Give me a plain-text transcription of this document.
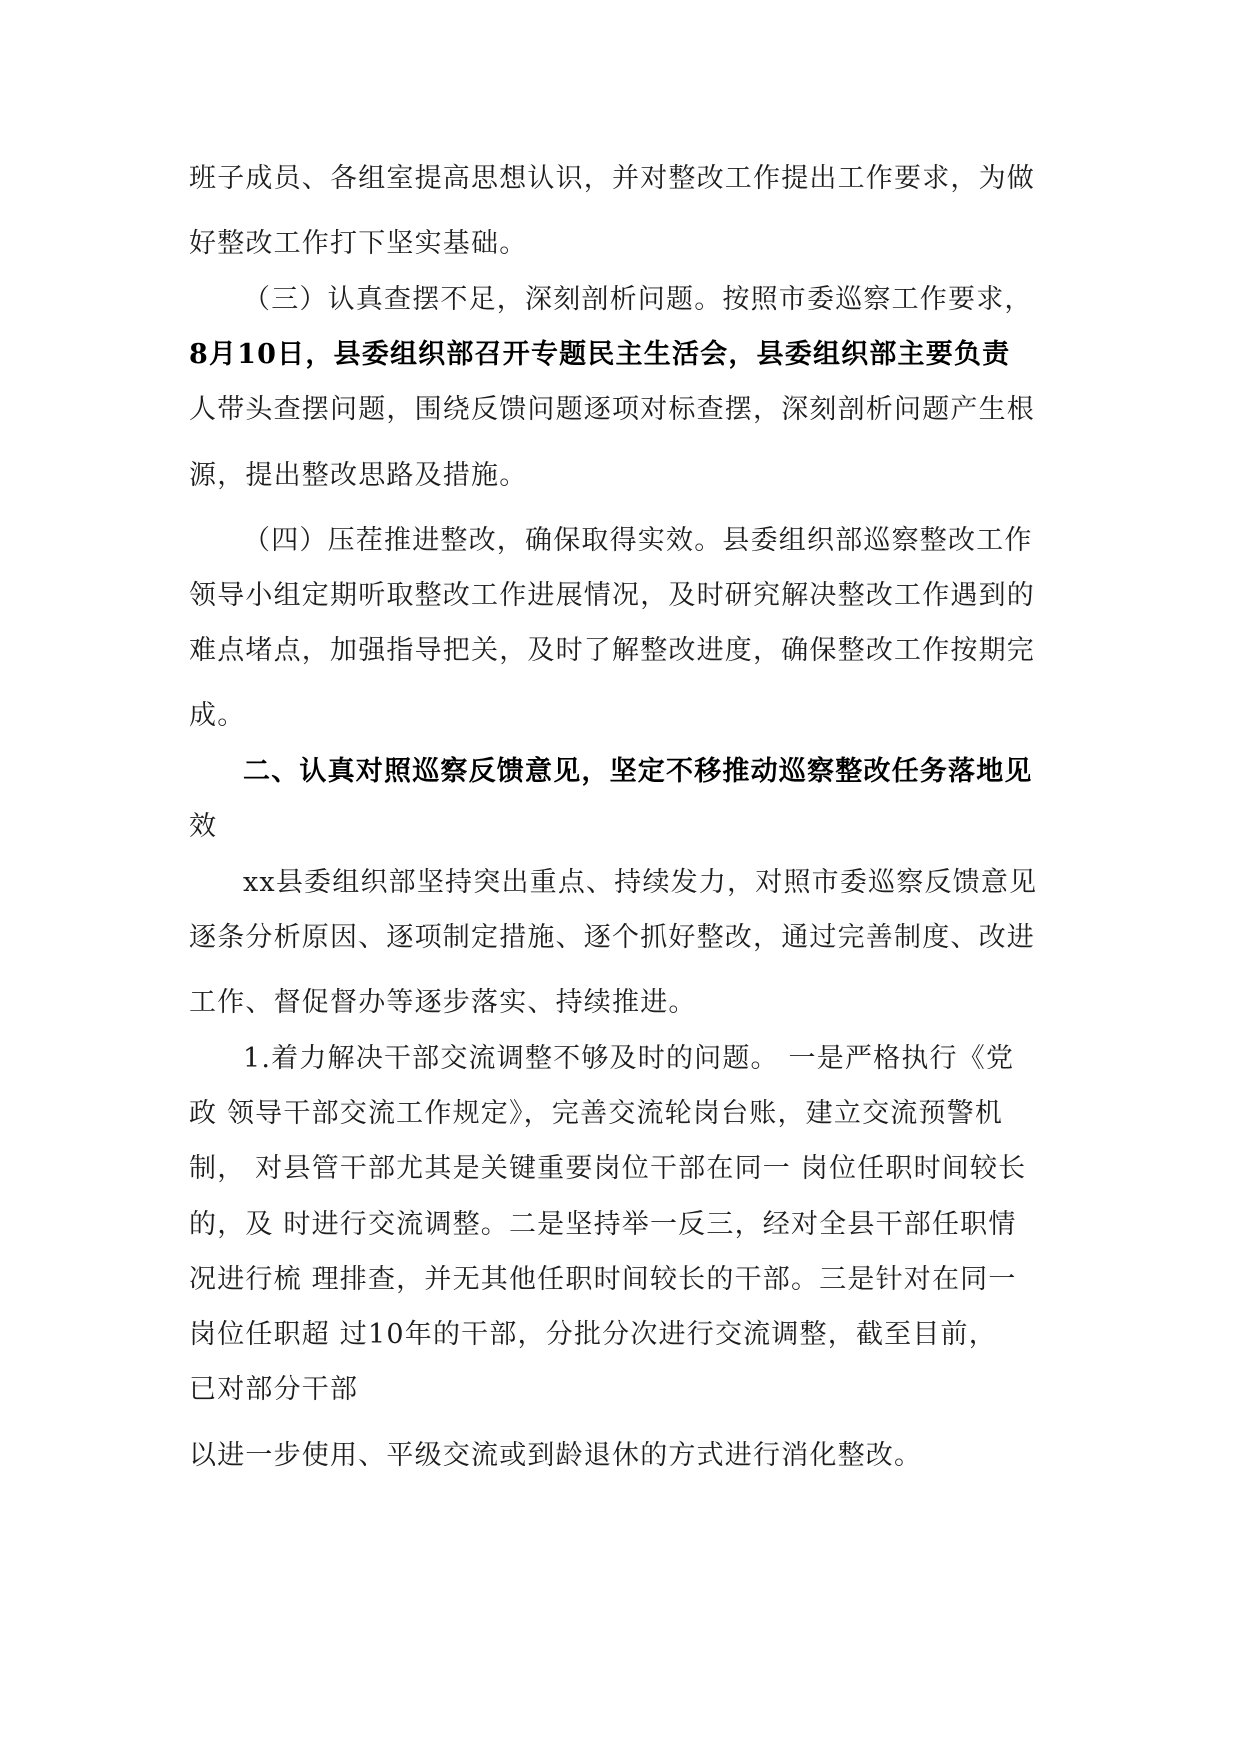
班子成员、各组室提高思想认识，并对整改工作提出工作要求，为做
好整改工作打下坚实基础。
（三）认真查摆不足，深刻剖析问题。按照市委巡察工作要求，
8月10日，县委组织部召开专题民主生活会，县委组织部主要负责
人带头查摆问题，围绕反馈问题逐项对标查摆，深刻剖析问题产生根
源，提出整改思路及措施。
（四）压茬推进整改，确保取得实效。县委组织部巡察整改工作
领导小组定期听取整改工作进展情况，及时研究解决整改工作遇到的
难点堵点，加强指导把关，及时了解整改进度，确保整改工作按期完
成。
二、认真对照巡察反馈意见，坚定不移推动巡察整改任务落地见
效
xx县委组织部坚持突出重点、持续发力，对照市委巡察反馈意见
逐条分析原因、逐项制定措施、逐个抓好整改，通过完善制度、改进
工作、督促督办等逐步落实、持续推进。
1.着力解决干部交流调整不够及时的问题。 一是严格执行《党
政 领导干部交流工作规定》，完善交流轮岗台账，建立交流预警机
制， 对县管干部尤其是关键重要岗位干部在同一 岗位任职时间较长
的，及 时进行交流调整。二是坚持举一反三，经对全县干部任职情
况进行梳 理排查，并无其他任职时间较长的干部。三是针对在同一
岗位任职超 过10年的干部，分批分次进行交流调整，截至目前，
已对部分干部
以进一步使用、平级交流或到龄退休的方式进行消化整改。
